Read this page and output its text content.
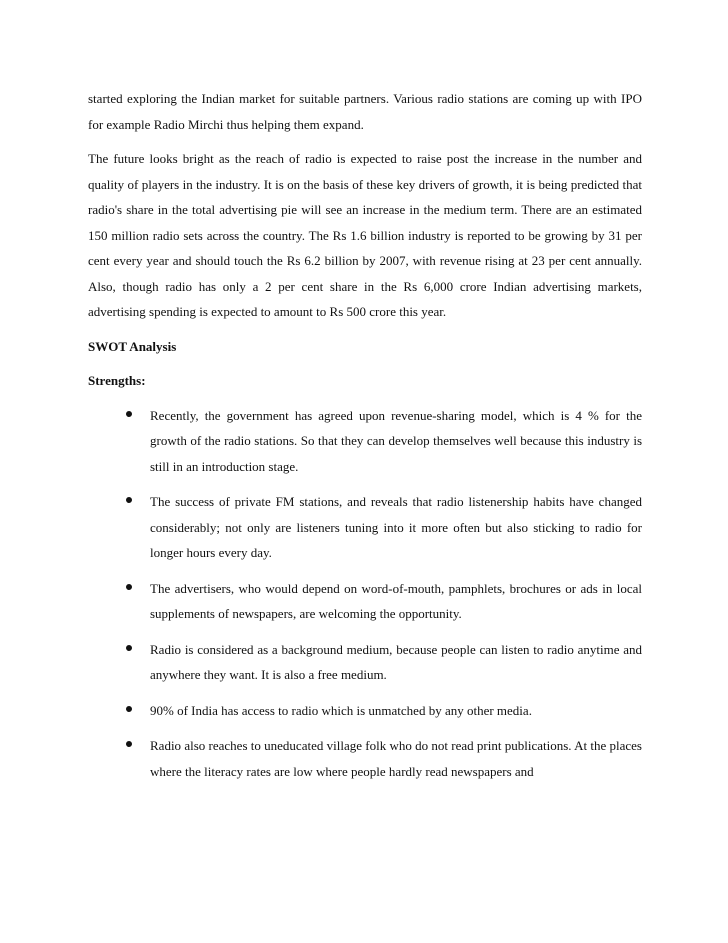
started exploring the Indian market for suitable partners. Various radio stations are coming up with IPO for example Radio Mirchi thus helping them expand.

The future looks bright as the reach of radio is expected to raise post the increase in the number and quality of players in the industry. It is on the basis of these key drivers of growth, it is being predicted that radio's share in the total advertising pie will see an increase in the medium term. There are an estimated 150 million radio sets across the country. The Rs 1.6 billion industry is reported to be growing by 31 per cent every year and should touch the Rs 6.2 billion by 2007, with revenue rising at 23 per cent annually. Also, though radio has only a 2 per cent share in the Rs 6,000 crore Indian advertising markets, advertising spending is expected to amount to Rs 500 crore this year.

SWOT Analysis
Strengths:

Recently, the government has agreed upon revenue-sharing model, which is 4 % for the growth of the radio stations. So that they can develop themselves well because this industry is still in an introduction stage.

The success of private FM stations, and reveals that radio listenership habits have changed considerably; not only are listeners tuning into it more often but also sticking to radio for longer hours every day.

The advertisers, who would depend on word-of-mouth, pamphlets, brochures or ads in local supplements of newspapers, are welcoming the opportunity.

Radio is considered as a background medium, because people can listen to radio anytime and anywhere they want. It is also a free medium.

90% of India has access to radio which is unmatched by any other media.

Radio also reaches to uneducated village folk who do not read print publications. At the places where the literacy rates are low where people hardly read newspapers and
